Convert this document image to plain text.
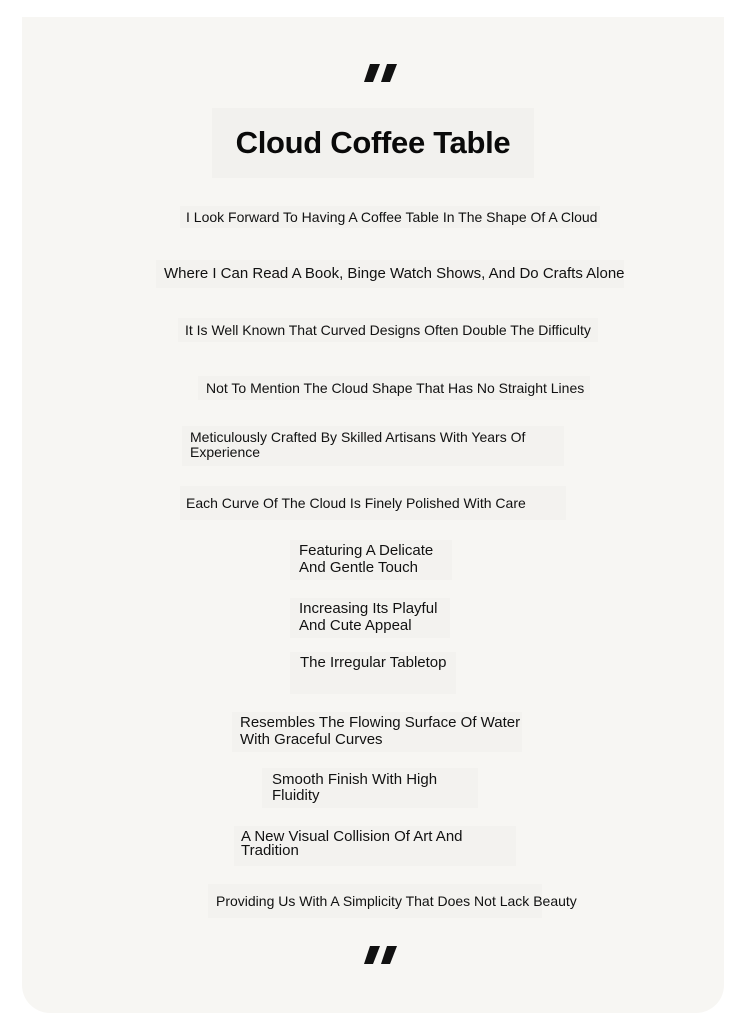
Cloud Coffee Table
I Look Forward To Having A Coffee Table In The Shape Of A Cloud
Where I Can Read A Book, Binge Watch Shows, And Do Crafts Alone
It Is Well Known That Curved Designs Often Double The Difficulty
Not To Mention The Cloud Shape That Has No Straight Lines
Meticulously Crafted By Skilled Artisans With Years Of Experience
Each Curve Of The Cloud Is Finely Polished With Care
Featuring A Delicate And Gentle Touch
Increasing Its Playful And Cute Appeal
The Irregular Tabletop
Resembles The Flowing Surface Of Water With Graceful Curves
Smooth Finish With High Fluidity
A New Visual Collision Of Art And Tradition
Providing Us With A Simplicity That Does Not Lack Beauty
